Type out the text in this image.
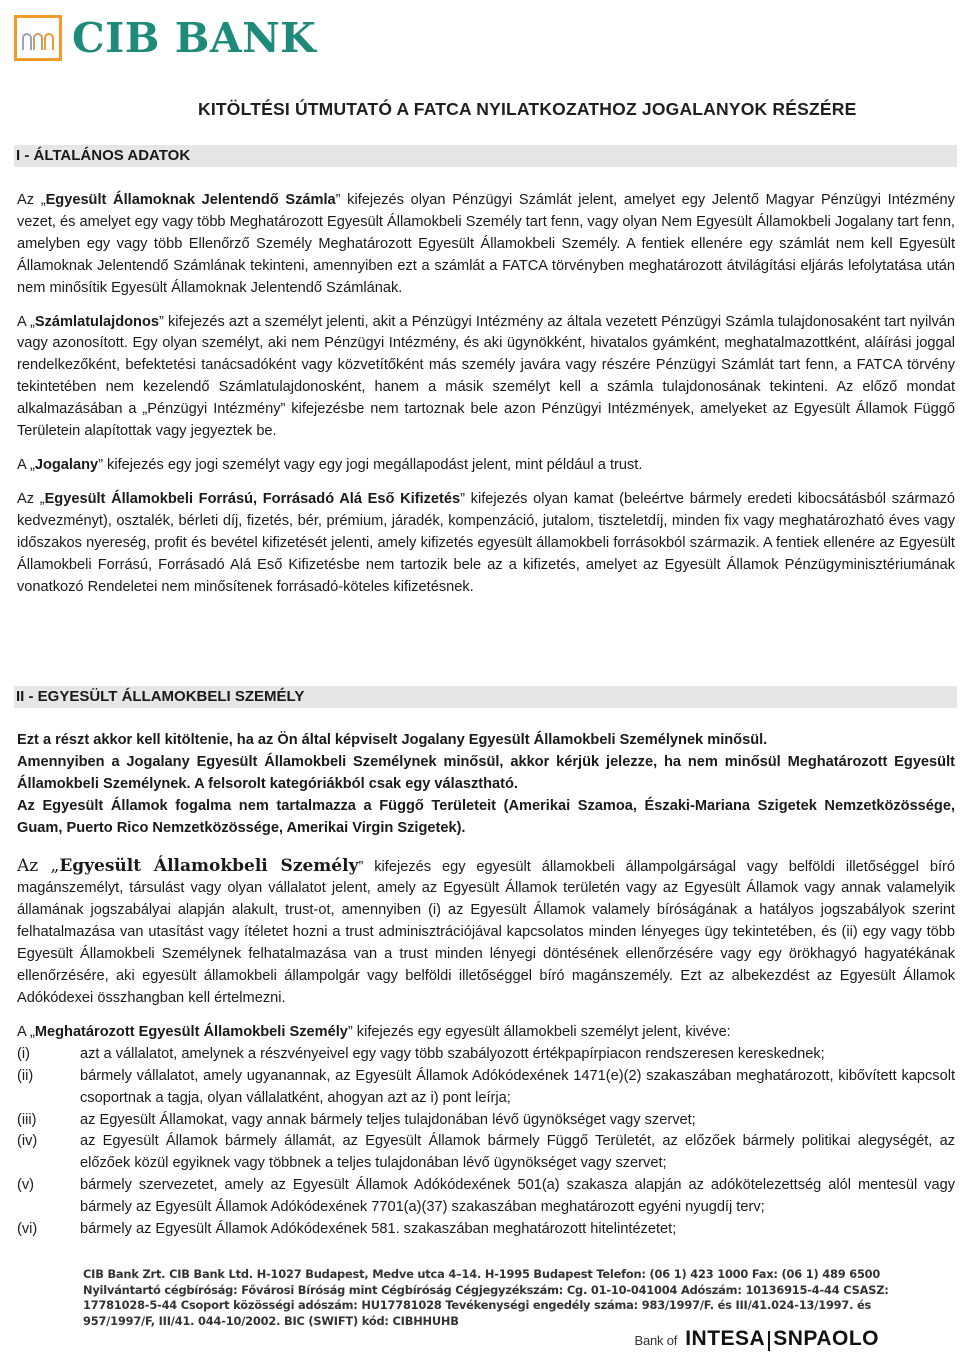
CIB BANK
KITÖLTÉSI ÚTMUTATÓ A FATCA NYILATKOZATHOZ JOGALANYOK RÉSZÉRE
I - ÁLTALÁNOS ADATOK

Az „Egyesült Államoknak Jelentendő Számla” kifejezés olyan Pénzügyi Számlát jelent, amelyet egy Jelentő Magyar Pénzügyi Intézmény vezet, és amelyet egy vagy több Meghatározott Egyesült Államokbeli Személy tart fenn, vagy olyan Nem Egyesült Államokbeli Jogalany tart fenn, amelyben egy vagy több Ellenőrző Személy Meghatározott Egyesült Államokbeli Személy. A fentiek ellenére egy számlát nem kell Egyesült Államoknak Jelentendő Számlának tekinteni, amennyiben ezt a számlát a FATCA törvényben meghatározott átvilágítási eljárás lefolytatása után nem minősítik Egyesült Államoknak Jelentendő Számlának.

A „Számlatulajdonos” kifejezés azt a személyt jelenti, akit a Pénzügyi Intézmény az általa vezetett Pénzügyi Számla tulajdonosaként tart nyilván vagy azonosított. Egy olyan személyt, aki nem Pénzügyi Intézmény, és aki ügynökként, hivatalos gyámként, meghatalmazottként, aláírási joggal rendelkezőként, befektetési tanácsadóként vagy közvetítőként más személy javára vagy részére Pénzügyi Számlát tart fenn, a FATCA törvény tekintetében nem kezelendő Számlatulajdonosként, hanem a másik személyt kell a számla tulajdonosának tekinteni. Az előző mondat alkalmazásában a „Pénzügyi Intézmény” kifejezésbe nem tartoznak bele azon Pénzügyi Intézmények, amelyeket az Egyesült Államok Függő Területein alapítottak vagy jegyeztek be.

A „Jogalany” kifejezés egy jogi személyt vagy egy jogi megállapodást jelent, mint például a trust.

Az „Egyesült Államokbeli Forrású, Forrásadó Alá Eső Kifizetés” kifejezés olyan kamat (beleértve bármely eredeti kibocsátásból származó kedvezményt), osztalék, bérleti díj, fizetés, bér, prémium, járadék, kompenzáció, jutalom, tiszteletdíj, minden fix vagy meghatározható éves vagy időszakos nyereség, profit és bevétel kifizetését jelenti, amely kifizetés egyesült államokbeli forrásokból származik. A fentiek ellenére az Egyesült Államokbeli Forrású, Forrásadó Alá Eső Kifizetésbe nem tartozik bele az a kifizetés, amelyet az Egyesült Államok Pénzügyminisztériumának vonatkozó Rendeletei nem minősítenek forrásadó-köteles kifizetésnek.

II - EGYESÜLT ÁLLAMOKBELI SZEMÉLY

Ezt a részt akkor kell kitöltenie, ha az Ön által képviselt Jogalany Egyesült Államokbeli Személynek minősül.

Amennyiben a Jogalany Egyesült Államokbeli Személynek minősül, akkor kérjük jelezze, ha nem minősül Meghatározott Egyesült Államokbeli Személynek. A felsorolt kategóriákból csak egy választható.

Az Egyesült Államok fogalma nem tartalmazza a Függő Területeit (Amerikai Szamoa, Északi-Mariana Szigetek Nemzetközössége, Guam, Puerto Rico Nemzetközössége, Amerikai Virgin Szigetek).

Az „Egyesült Államokbeli Személy” kifejezés egy egyesült államokbeli állampolgárságal vagy belföldi illetőséggel bíró magánszemélyt, társulást vagy olyan vállalatot jelent, amely az Egyesült Államok területén vagy az Egyesült Államok vagy annak valamelyik államának jogszabályai alapján alakult, trust-ot, amennyiben (i) az Egyesült Államok valamely bíróságának a hatályos jogszabályok szerint felhatalmazása van utasítást vagy ítéletet hozni a trust adminisztrációjával kapcsolatos minden lényeges ügy tekintetében, és (ii) egy vagy több Egyesült Államokbeli Személynek felhatalmazása van a trust minden lényegi döntésének ellenőrzésére vagy egy örökhagyó hagyatékának ellenőrzésére, aki egyesült államokbeli állampolgár vagy belföldi illetőséggel bíró magánszemély. Ezt az albekezdést az Egyesült Államok Adókódexei összhangban kell értelmezni.

A „Meghatározott Egyesült Államokbeli Személy” kifejezés egy egyesült államokbeli személyt jelent, kivéve:

(i)	azt a vállalatot, amelynek a részvényeivel egy vagy több szabályozott értékpapírpiacon rendszeresen kereskednek;
(ii)	bármely vállalatot, amely ugyanannak, az Egyesült Államok Adókódexének 1471(e)(2) szakaszában meghatározott, kibővített kapcsolt csoportnak a tagja, olyan vállalatként, ahogyan azt az i) pont leírja;
(iii)	az Egyesült Államokat, vagy annak bármely teljes tulajdonában lévő ügynökséget vagy szervet;
(iv)	az Egyesült Államok bármely államát, az Egyesült Államok bármely Függő Területét, az előzőek bármely politikai alegységét, az előzőek közül egyiknek vagy többnek a teljes tulajdonában lévő ügynökséget vagy szervet;
(v)	bármely szervezetet, amely az Egyesült Államok Adókódexének 501(a) szakasza alapján az adókötelezettség alól mentesül vagy bármely az Egyesült Államok Adókódexének 7701(a)(37) szakaszában meghatározott egyéni nyugdíj terv;
(vi)	bármely az Egyesült Államok Adókódexének 581. szakaszában meghatározott hitelintézetet;

CIB Bank Zrt. CIB Bank Ltd. H-1027 Budapest, Medve utca 4–14. H-1995 Budapest Telefon: (06 1) 423 1000 Fax: (06 1) 489 6500

Nyilvántartó cégbíróság: Fővárosi Bíróság mint Cégbíróság Cégjegyzékszám: Cg. 01-10-041004 Adószám: 10136915-4-44 CSASZ:

17781028-5-44 Csoport közösségi adószám: HU17781028 Tevékenységi engedély száma: 983/1997/F. és III/41.024-13/1997. és

957/1997/F, III/41. 044-10/2002. BIC (SWIFT) kód: CIBHHUHB

Bank of INTESA SNPAOLO
